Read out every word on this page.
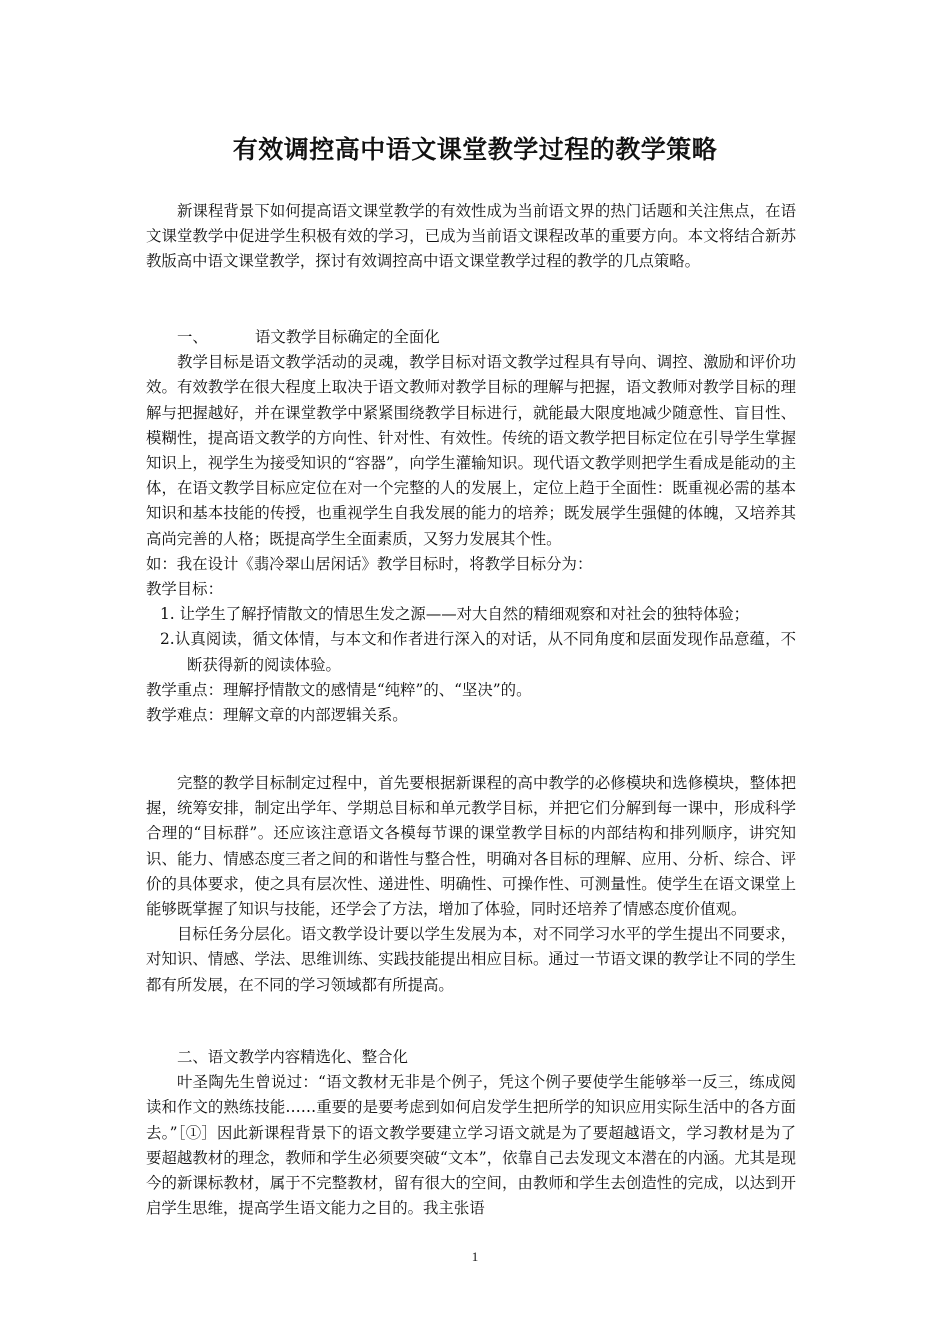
有效调控高中语文课堂教学过程的教学策略

新课程背景下如何提高语文课堂教学的有效性成为当前语文界的热门话题和关注焦点，在语文课堂教学中促进学生积极有效的学习，已成为当前语文课程改革的重要方向。本文将结合新苏教版高中语文课堂教学，探讨有效调控高中语文课堂教学过程的教学的几点策略。

一、	语文教学目标确定的全面化

教学目标是语文教学活动的灵魂，教学目标对语文教学过程具有导向、调控、激励和评价功效。有效教学在很大程度上取决于语文教师对教学目标的理解与把握，语文教师对教学目标的理解与把握越好，并在课堂教学中紧紧围绕教学目标进行，就能最大限度地减少随意性、盲目性、模糊性，提高语文教学的方向性、针对性、有效性。传统的语文教学把目标定位在引导学生掌握知识上，视学生为接受知识的“容器”，向学生灌输知识。现代语文教学则把学生看成是能动的主体，在语文教学目标应定位在对一个完整的人的发展上，定位上趋于全面性：既重视必需的基本知识和基本技能的传授，也重视学生自我发展的能力的培养；既发展学生强健的体魄，又培养其高尚完善的人格；既提高学生全面素质，又努力发展其个性。

如：我在设计《翡冷翠山居闲话》教学目标时，将教学目标分为：

教学目标：

1. 让学生了解抒情散文的情思生发之源——对大自然的精细观察和对社会的独特体验；

2.认真阅读，循文体情，与本文和作者进行深入的对话，从不同角度和层面发现作品意蕴，不断获得新的阅读体验。

教学重点：理解抒情散文的感情是“纯粹”的、“坚决”的。

教学难点：理解文章的内部逻辑关系。

完整的教学目标制定过程中，首先要根据新课程的高中教学的必修模块和选修模块，整体把握，统筹安排，制定出学年、学期总目标和单元教学目标，并把它们分解到每一课中，形成科学合理的“目标群”。还应该注意语文各模每节课的课堂教学目标的内部结构和排列顺序，讲究知识、能力、情感态度三者之间的和谐性与整合性，明确对各目标的理解、应用、分析、综合、评价的具体要求，使之具有层次性、递进性、明确性、可操作性、可测量性。使学生在语文课堂上能够既掌握了知识与技能，还学会了方法，增加了体验，同时还培养了情感态度价值观。

目标任务分层化。语文教学设计要以学生发展为本，对不同学习水平的学生提出不同要求，对知识、情感、学法、思维训练、实践技能提出相应目标。通过一节语文课的教学让不同的学生都有所发展，在不同的学习领域都有所提高。

二、语文教学内容精选化、整合化

叶圣陶先生曾说过：“语文教材无非是个例子，凭这个例子要使学生能够举一反三，练成阅读和作文的熟练技能……重要的是要考虑到如何启发学生把所学的知识应用实际生活中的各方面去。”［①］因此新课程背景下的语文教学要建立学习语文就是为了要超越语文，学习教材是为了要超越教材的理念，教师和学生必须要突破“文本”，依靠自己去发现文本潜在的内涵。尤其是现今的新课标教材，属于不完整教材，留有很大的空间，由教师和学生去创造性的完成，以达到开启学生思维，提高学生语文能力之目的。我主张语

1
